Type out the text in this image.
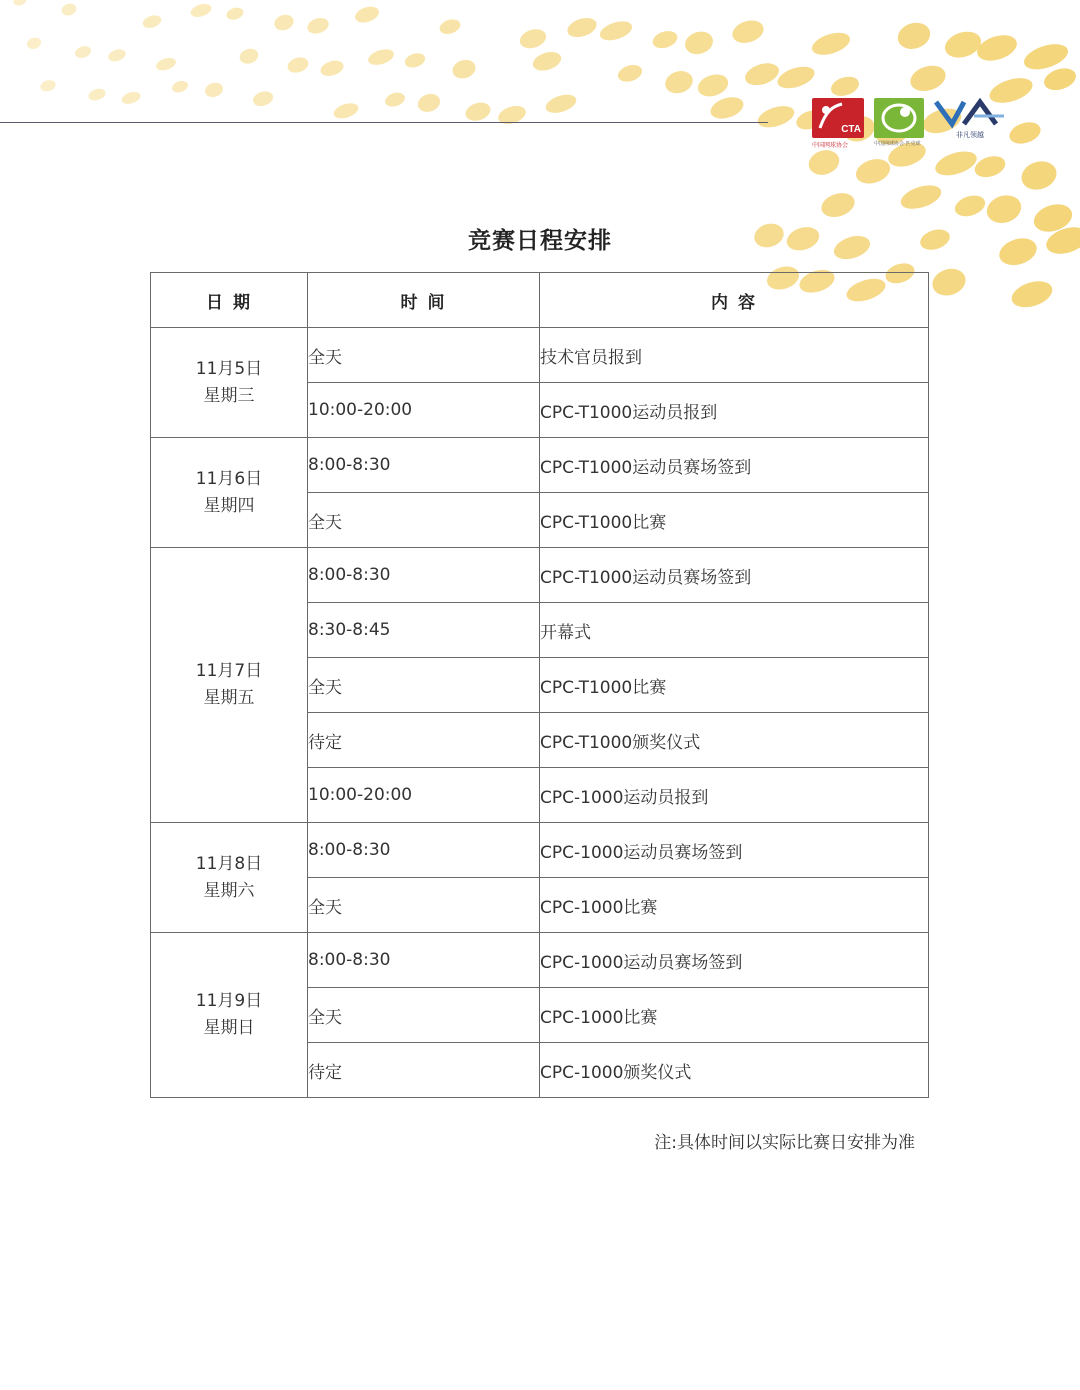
CTA
中国网球协会	中国网球协会·匹克球
非凡领越
竞赛日程安排
日 期	时 间	内 容

11月5日
星期三	全天	技术官员报到
	10:00-20:00	CPC-T1000运动员报到

11月6日
星期四	8:00-8:30	CPC-T1000运动员赛场签到
	全天	CPC-T1000比赛

11月7日
星期五	8:00-8:30	CPC-T1000运动员赛场签到
	8:30-8:45	开幕式
	全天	CPC-T1000比赛
	待定	CPC-T1000颁奖仪式
	10:00-20:00	CPC-1000运动员报到

11月8日
星期六	8:00-8:30	CPC-1000运动员赛场签到
	全天	CPC-1000比赛

11月9日
星期日	8:00-8:30	CPC-1000运动员赛场签到
	全天	CPC-1000比赛
	待定	CPC-1000颁奖仪式
注:具体时间以实际比赛日安排为准
